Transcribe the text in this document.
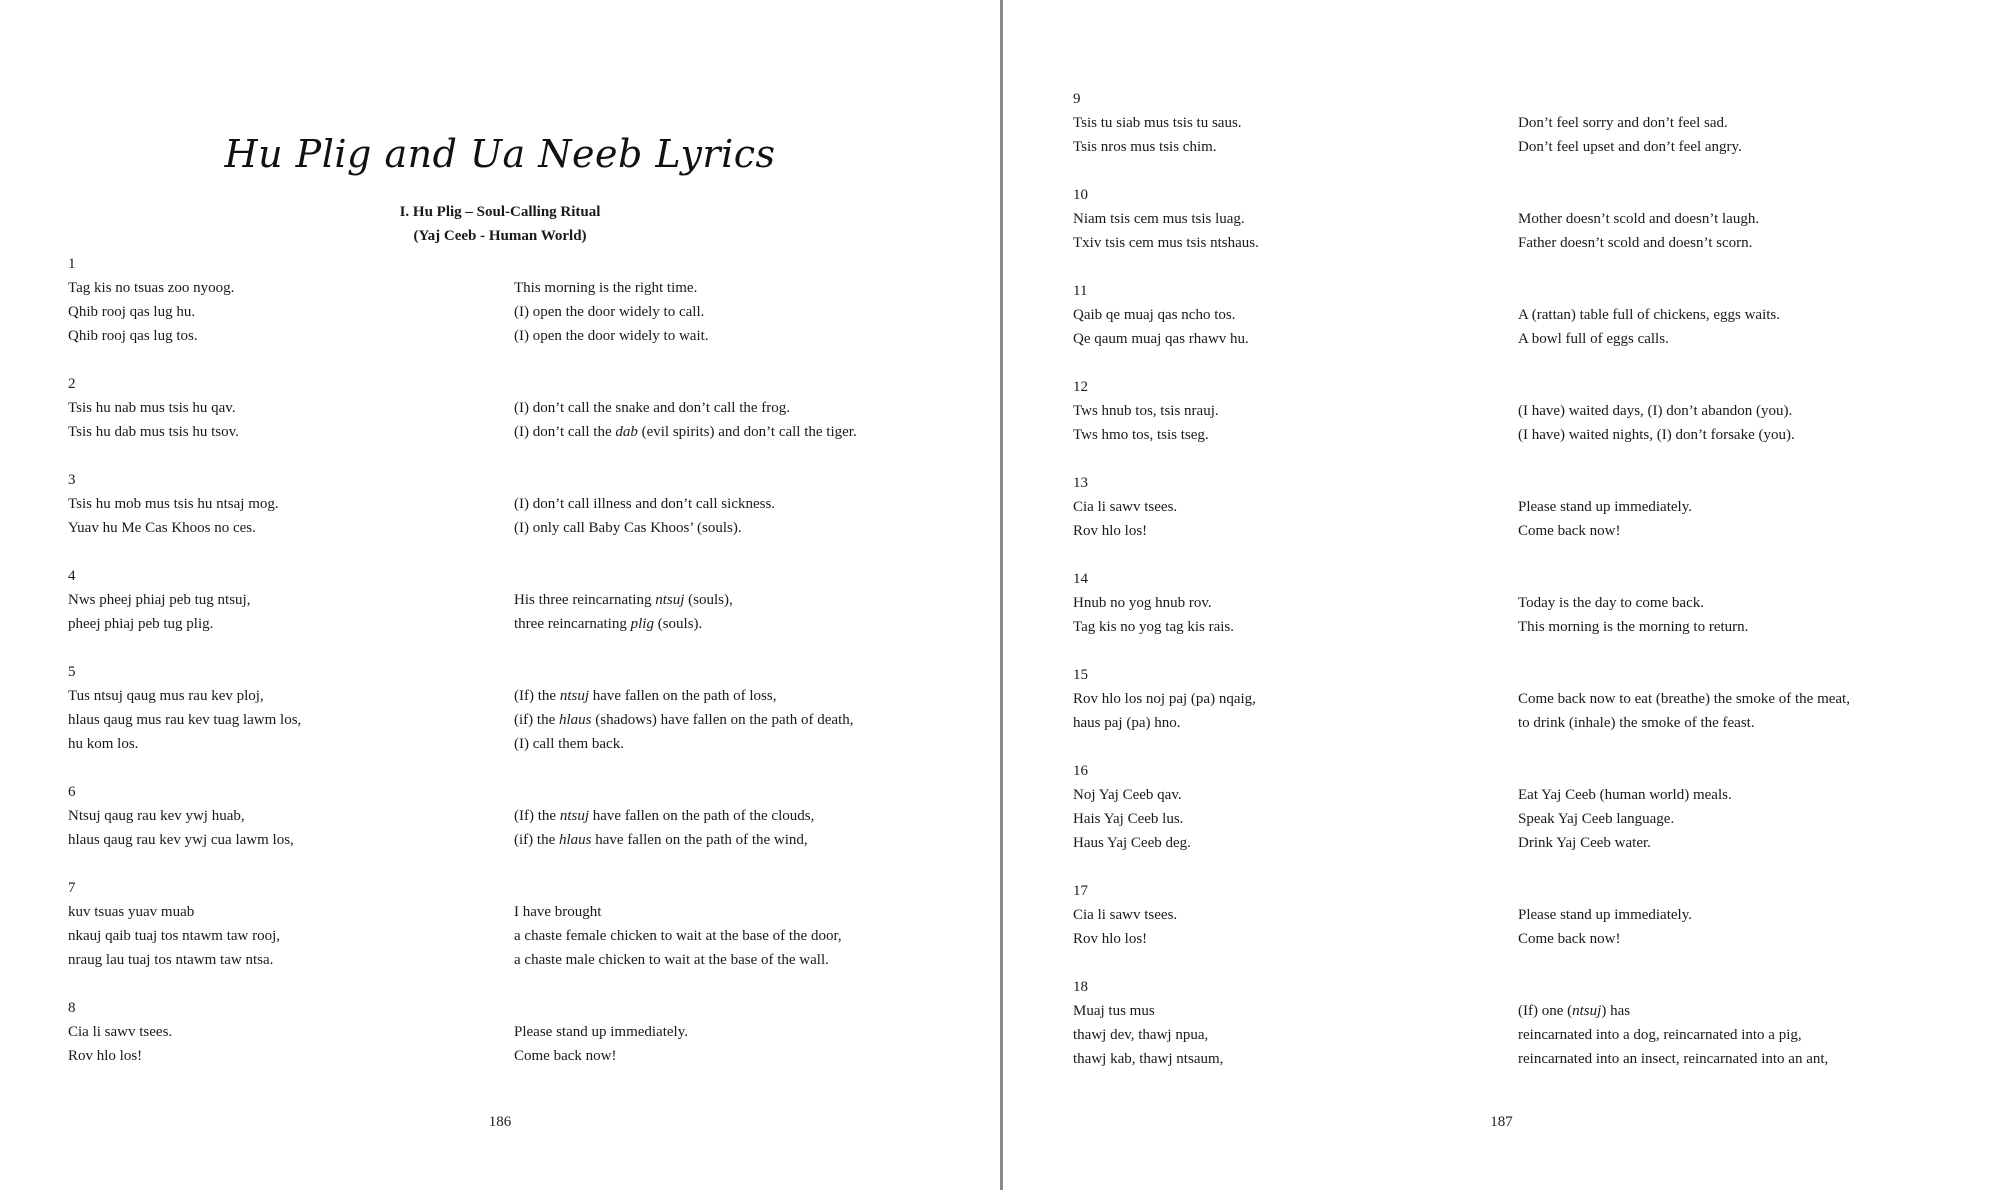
Hu Plig and Ua Neeb Lyrics
I. Hu Plig – Soul-Calling Ritual
(Yaj Ceeb - Human World)
1
Tag kis no tsuas zoo nyoog.
Qhib rooj qas lug hu.
Qhib rooj qas lug tos.
This morning is the right time.
(I) open the door widely to call.
(I) open the door widely to wait.
2
Tsis hu nab mus tsis hu qav.
Tsis hu dab mus tsis hu tsov.
(I) don’t call the snake and don’t call the frog.
(I) don’t call the dab (evil spirits) and don’t call the tiger.
3
Tsis hu mob mus tsis hu ntsaj mog.
Yuav hu Me Cas Khoos no ces.
(I) don’t call illness and don’t call sickness.
(I) only call Baby Cas Khoos’ (souls).
4
Nws pheej phiaj peb tug ntsuj,
pheej phiaj peb tug plig.
His three reincarnating ntsuj (souls),
three reincarnating plig (souls).
5
Tus ntsuj qaug mus rau kev ploj,
hlaus qaug mus rau kev tuag lawm los,
hu kom los.
(If) the ntsuj have fallen on the path of loss,
(if) the hlaus (shadows) have fallen on the path of death,
(I) call them back.
6
Ntsuj qaug rau kev ywj huab,
hlaus qaug rau kev ywj cua lawm los,
(If) the ntsuj have fallen on the path of the clouds,
(if) the hlaus have fallen on the path of the wind,
7
kuv tsuas yuav muab
nkauj qaib tuaj tos ntawm taw rooj,
nraug lau tuaj tos ntawm taw ntsa.
I have brought
a chaste female chicken to wait at the base of the door,
a chaste male chicken to wait at the base of the wall.
8
Cia li sawv tsees.
Rov hlo los!
Please stand up immediately.
Come back now!
186
9
Tsis tu siab mus tsis tu saus.
Tsis nros mus tsis chim.
Don’t feel sorry and don’t feel sad.
Don’t feel upset and don’t feel angry.
10
Niam tsis cem mus tsis luag.
Txiv tsis cem mus tsis ntshaus.
Mother doesn’t scold and doesn’t laugh.
Father doesn’t scold and doesn’t scorn.
11
Qaib qe muaj qas ncho tos.
Qe qaum muaj qas rhawv hu.
A (rattan) table full of chickens, eggs waits.
A bowl full of eggs calls.
12
Tws hnub tos, tsis nrauj.
Tws hmo tos, tsis tseg.
(I have) waited days, (I) don’t abandon (you).
(I have) waited nights, (I) don’t forsake (you).
13
Cia li sawv tsees.
Rov hlo los!
Please stand up immediately.
Come back now!
14
Hnub no yog hnub rov.
Tag kis no yog tag kis rais.
Today is the day to come back.
This morning is the morning to return.
15
Rov hlo los noj paj (pa) nqaig,
haus paj (pa) hno.
Come back now to eat (breathe) the smoke of the meat,
to drink (inhale) the smoke of the feast.
16
Noj Yaj Ceeb qav.
Hais Yaj Ceeb lus.
Haus Yaj Ceeb deg.
Eat Yaj Ceeb (human world) meals.
Speak Yaj Ceeb language.
Drink Yaj Ceeb water.
17
Cia li sawv tsees.
Rov hlo los!
Please stand up immediately.
Come back now!
18
Muaj tus mus
thawj dev, thawj npua,
thawj kab, thawj ntsaum,
(If) one (ntsuj) has
reincarnated into a dog, reincarnated into a pig,
reincarnated into an insect, reincarnated into an ant,
187
